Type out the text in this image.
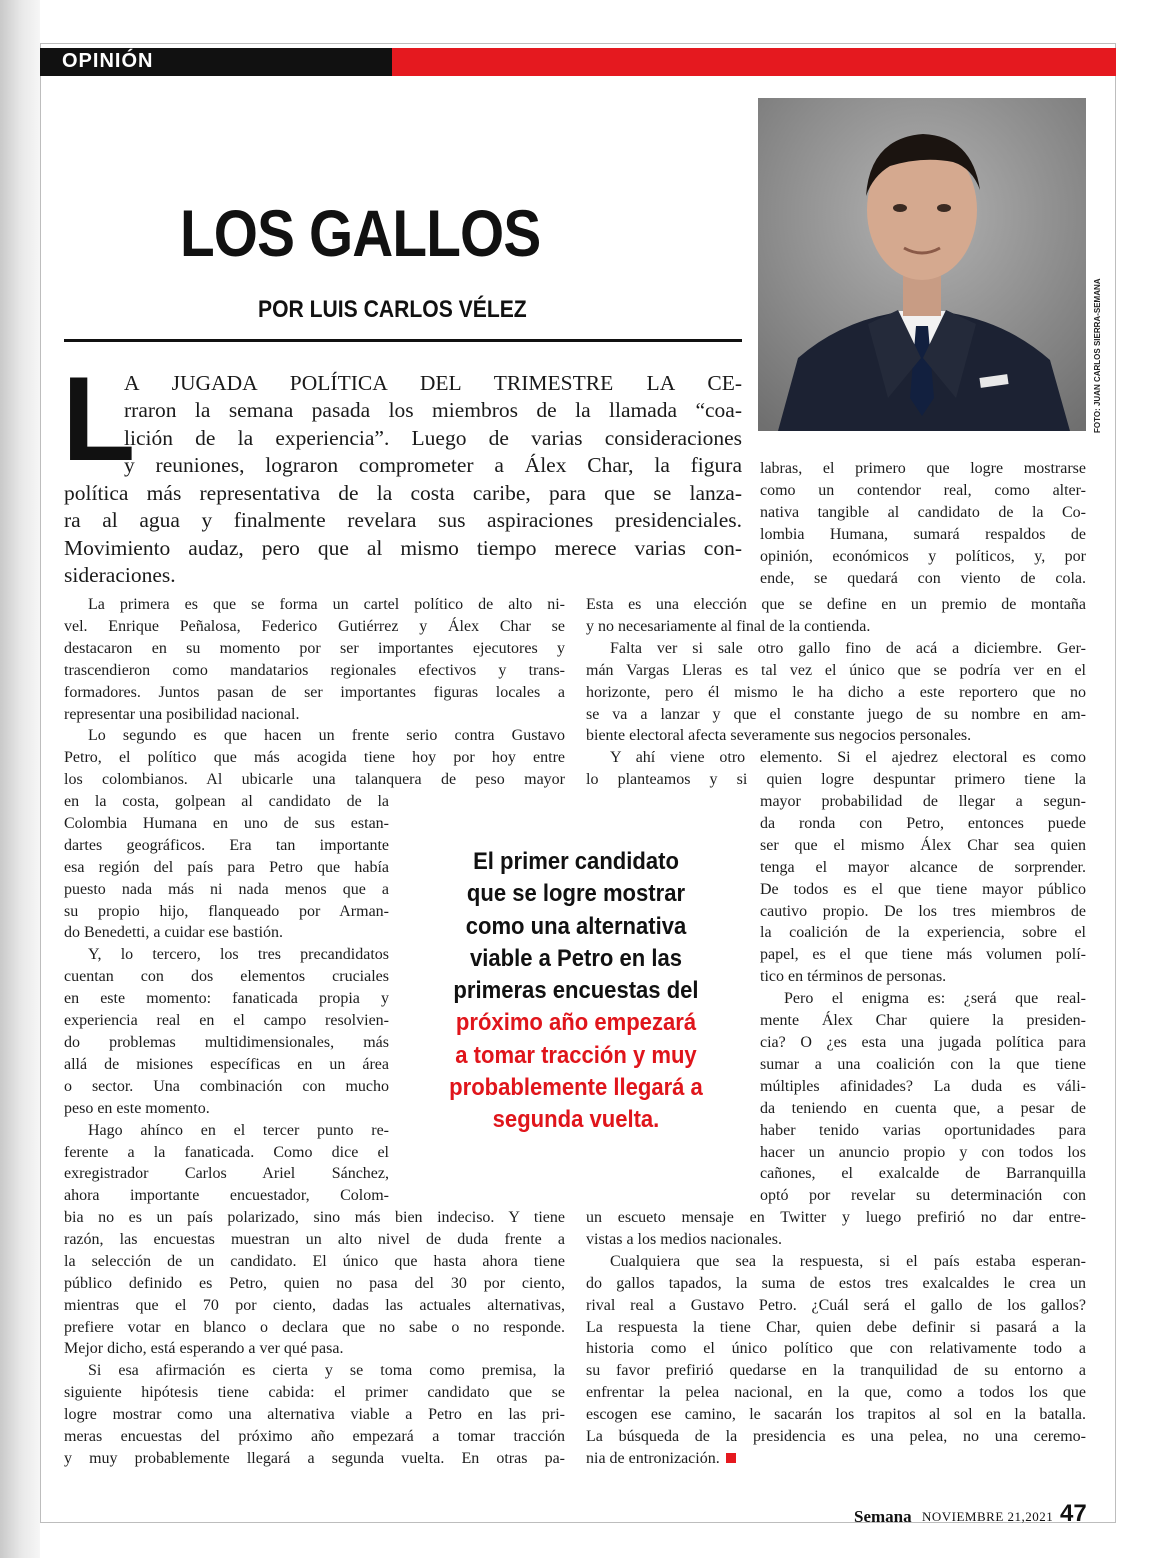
OPINIÓN
LOS GALLOS
POR LUIS CARLOS VÉLEZ	FOTO: JUAN CARLOS SIERRA-SEMANA
L
A JUGADA POLÍTICA DEL TRIMESTRE LA CE-
rraron la semana pasada los miembros de la llamada “coa-
lición de la experiencia”. Luego de varias consideraciones
y reuniones, lograron comprometer a Álex Char, la figura
política más representativa de la costa caribe, para que se lanza-
ra al agua y finalmente revelara sus aspiraciones presidenciales.
Movimiento audaz, pero que al mismo tiempo merece varias con-
sideraciones.
La primera es que se forma un cartel político de alto ni-
vel. Enrique Peñalosa, Federico Gutiérrez y Álex Char se
destacaron en su momento por ser importantes ejecutores y
trascendieron como mandatarios regionales efectivos y trans-
formadores. Juntos pasan de ser importantes figuras locales a
representar una posibilidad nacional.
Lo segundo es que hacen un frente serio contra Gustavo
Petro, el político que más acogida tiene hoy por hoy entre
los colombianos. Al ubicarle una talanquera de peso mayor
en la costa, golpean al candidato de la
Colombia Humana en uno de sus estan-
dartes geográficos. Era tan importante
esa región del país para Petro que había
puesto nada más ni nada menos que a
su propio hijo, flanqueado por Arman-
do Benedetti, a cuidar ese bastión.
Y, lo tercero, los tres precandidatos
cuentan con dos elementos cruciales
en este momento: fanaticada propia y
experiencia real en el campo resolvien-
do problemas multidimensionales, más
allá de misiones específicas en un área
o sector. Una combinación con mucho
peso en este momento.
Hago ahínco en el tercer punto re-
ferente a la fanaticada. Como dice el
exregistrador Carlos Ariel Sánchez,
ahora importante encuestador, Colom-
bia no es un país polarizado, sino más bien indeciso. Y tiene
razón, las encuestas muestran un alto nivel de duda frente a
la selección de un candidato. El único que hasta ahora tiene
público definido es Petro, quien no pasa del 30 por ciento,
mientras que el 70 por ciento, dadas las actuales alternativas,
prefiere votar en blanco o declara que no sabe o no responde.
Mejor dicho, está esperando a ver qué pasa.
Si esa afirmación es cierta y se toma como premisa, la
siguiente hipótesis tiene cabida: el primer candidato que se
logre mostrar como una alternativa viable a Petro en las pri-
meras encuestas del próximo año empezará a tomar tracción
y muy probablemente llegará a segunda vuelta. En otras pa-
labras, el primero que logre mostrarse
como un contendor real, como alter-
nativa tangible al candidato de la Co-
lombia Humana, sumará respaldos de
opinión, económicos y políticos, y, por
ende, se quedará con viento de cola.
Esta es una elección que se define en un premio de montaña
y no necesariamente al final de la contienda.
Falta ver si sale otro gallo fino de acá a diciembre. Ger-
mán Vargas Lleras es tal vez el único que se podría ver en el
horizonte, pero él mismo le ha dicho a este reportero que no
se va a lanzar y que el constante juego de su nombre en am-
biente electoral afecta severamente sus negocios personales.
Y ahí viene otro elemento. Si el ajedrez electoral es como
lo planteamos y si quien logre despuntar primero tiene la
mayor probabilidad de llegar a segun-
da ronda con Petro, entonces puede
ser que el mismo Álex Char sea quien
tenga el mayor alcance de sorprender.
De todos es el que tiene mayor público
cautivo propio. De los tres miembros de
la coalición de la experiencia, sobre el
papel, es el que tiene más volumen polí-
tico en términos de personas.
Pero el enigma es: ¿será que real-
mente Álex Char quiere la presiden-
cia? O ¿es esta una jugada política para
sumar a una coalición con la que tiene
múltiples afinidades? La duda es váli-
da teniendo en cuenta que, a pesar de
haber tenido varias oportunidades para
hacer un anuncio propio y con todos los
cañones, el exalcalde de Barranquilla
optó por revelar su determinación con
un escueto mensaje en Twitter y luego prefirió no dar entre-
vistas a los medios nacionales.
Cualquiera que sea la respuesta, si el país estaba esperan-
do gallos tapados, la suma de estos tres exalcaldes le crea un
rival real a Gustavo Petro. ¿Cuál será el gallo de los gallos?
La respuesta la tiene Char, quien debe definir si pasará a la
historia como el único político que con relativamente todo a
su favor prefirió quedarse en la tranquilidad de su entorno a
enfrentar la pelea nacional, en la que, como a todos los que
escogen ese camino, le sacarán los trapitos al sol en la batalla.
La búsqueda de la presidencia es una pelea, no una ceremo-
nia de entronización.
El primer candidato
que se logre mostrar
como una alternativa
viable a Petro en las
primeras encuestas del
próximo año empezará
a tomar tracción y muy
probablemente llegará a
segunda vuelta.
Semana NOVIEMBRE 21,2021 47
